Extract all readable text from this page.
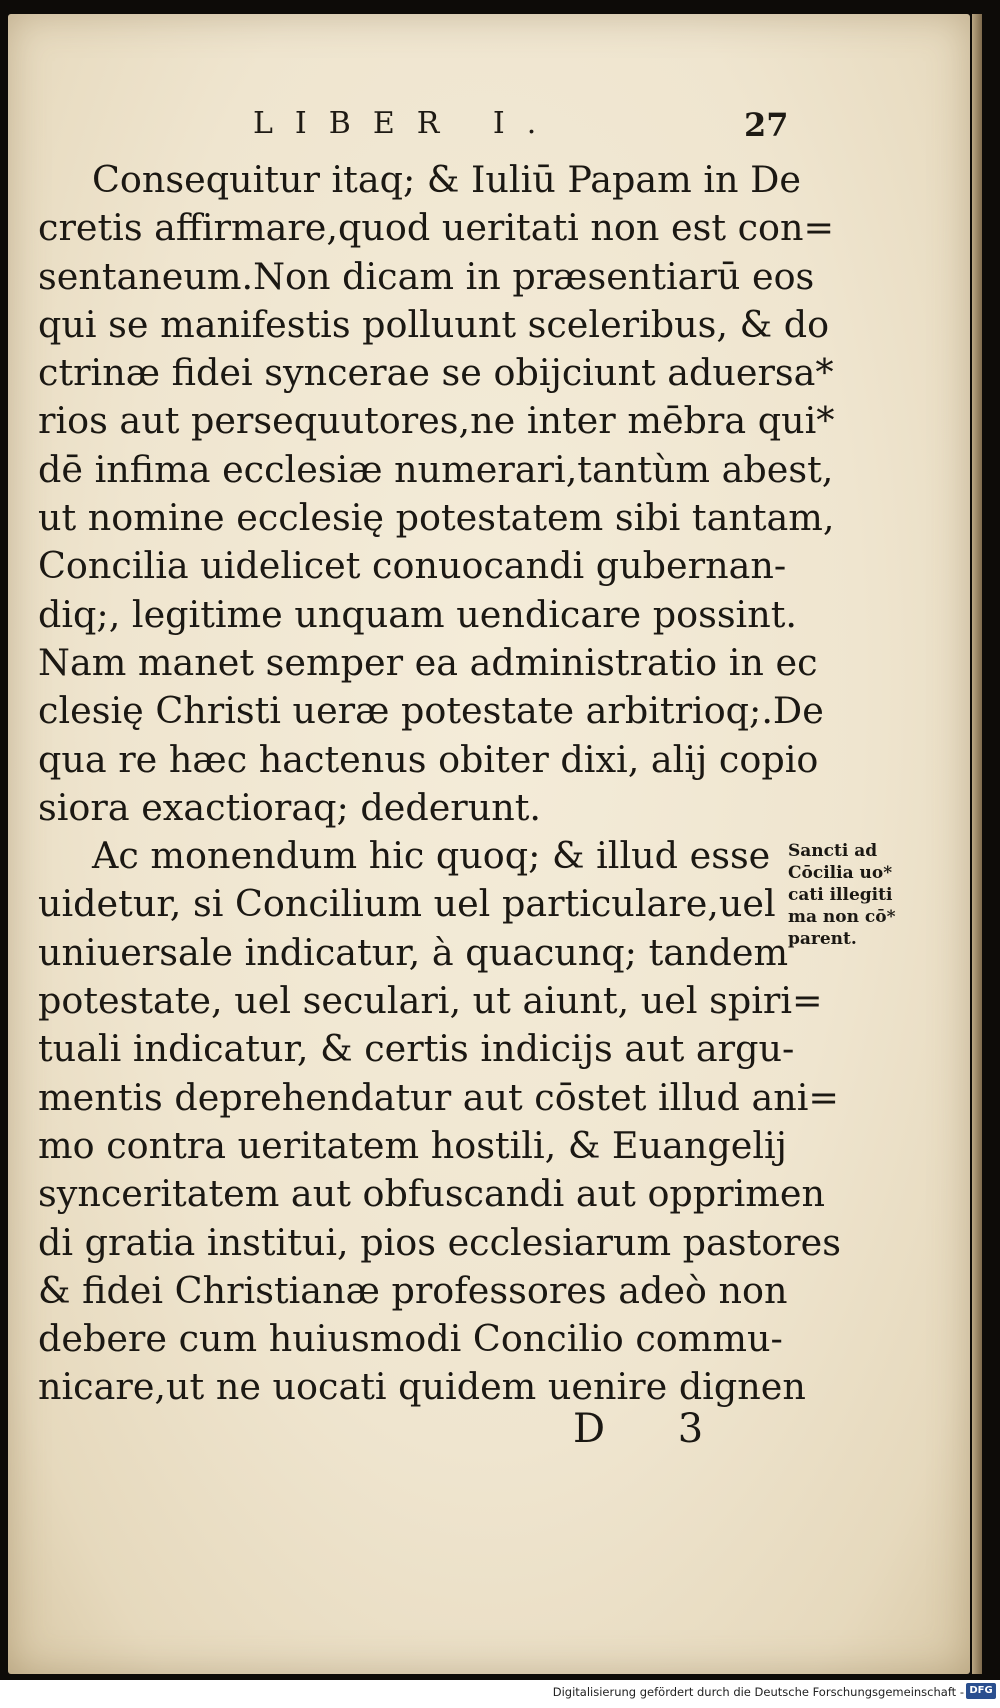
LIBER I.	27
Consequitur itaq; & Iuliū Papam in De
cretis affirmare,quod ueritati non est con=
sentaneum.Non dicam in præsentiarū eos
qui se manifestis polluunt sceleribus, & do
ctrinæ fidei syncerae se obijciunt aduersa*
rios aut persequutores,ne inter mēbra qui*
dē infima ecclesiæ numerari,tantùm abest,
ut nomine ecclesię potestatem sibi tantam,
Concilia uidelicet conuocandi gubernan-
diq;, legitime unquam uendicare possint.
Nam manet semper ea administratio in ec
clesię Christi ueræ potestate arbitrioq;.De
qua re hæc hactenus obiter dixi, alij copio
siora exactioraq; dederunt.
Ac monendum hic quoq; & illud esse
uidetur, si Concilium uel particulare,uel
uniuersale indicatur, à quacunq; tandem
potestate, uel seculari, ut aiunt, uel spiri=
tuali indicatur, & certis indicijs aut argu-
mentis deprehendatur aut cōstet illud ani=
mo contra ueritatem hostili, & Euangelij
synceritatem aut obfuscandi aut opprimen
di gratia institui, pios ecclesiarum pastores
& fidei Christianæ professores adeò non
debere cum huiusmodi Concilio commu-
nicare,ut ne uocati quidem uenire dignen
Sancti ad
Cōcilia uo*
cati illegiti
ma non cō*
parent.
D 3
Digitalisierung gefördert durch die Deutsche Forschungsgemeinschaft - DFG
